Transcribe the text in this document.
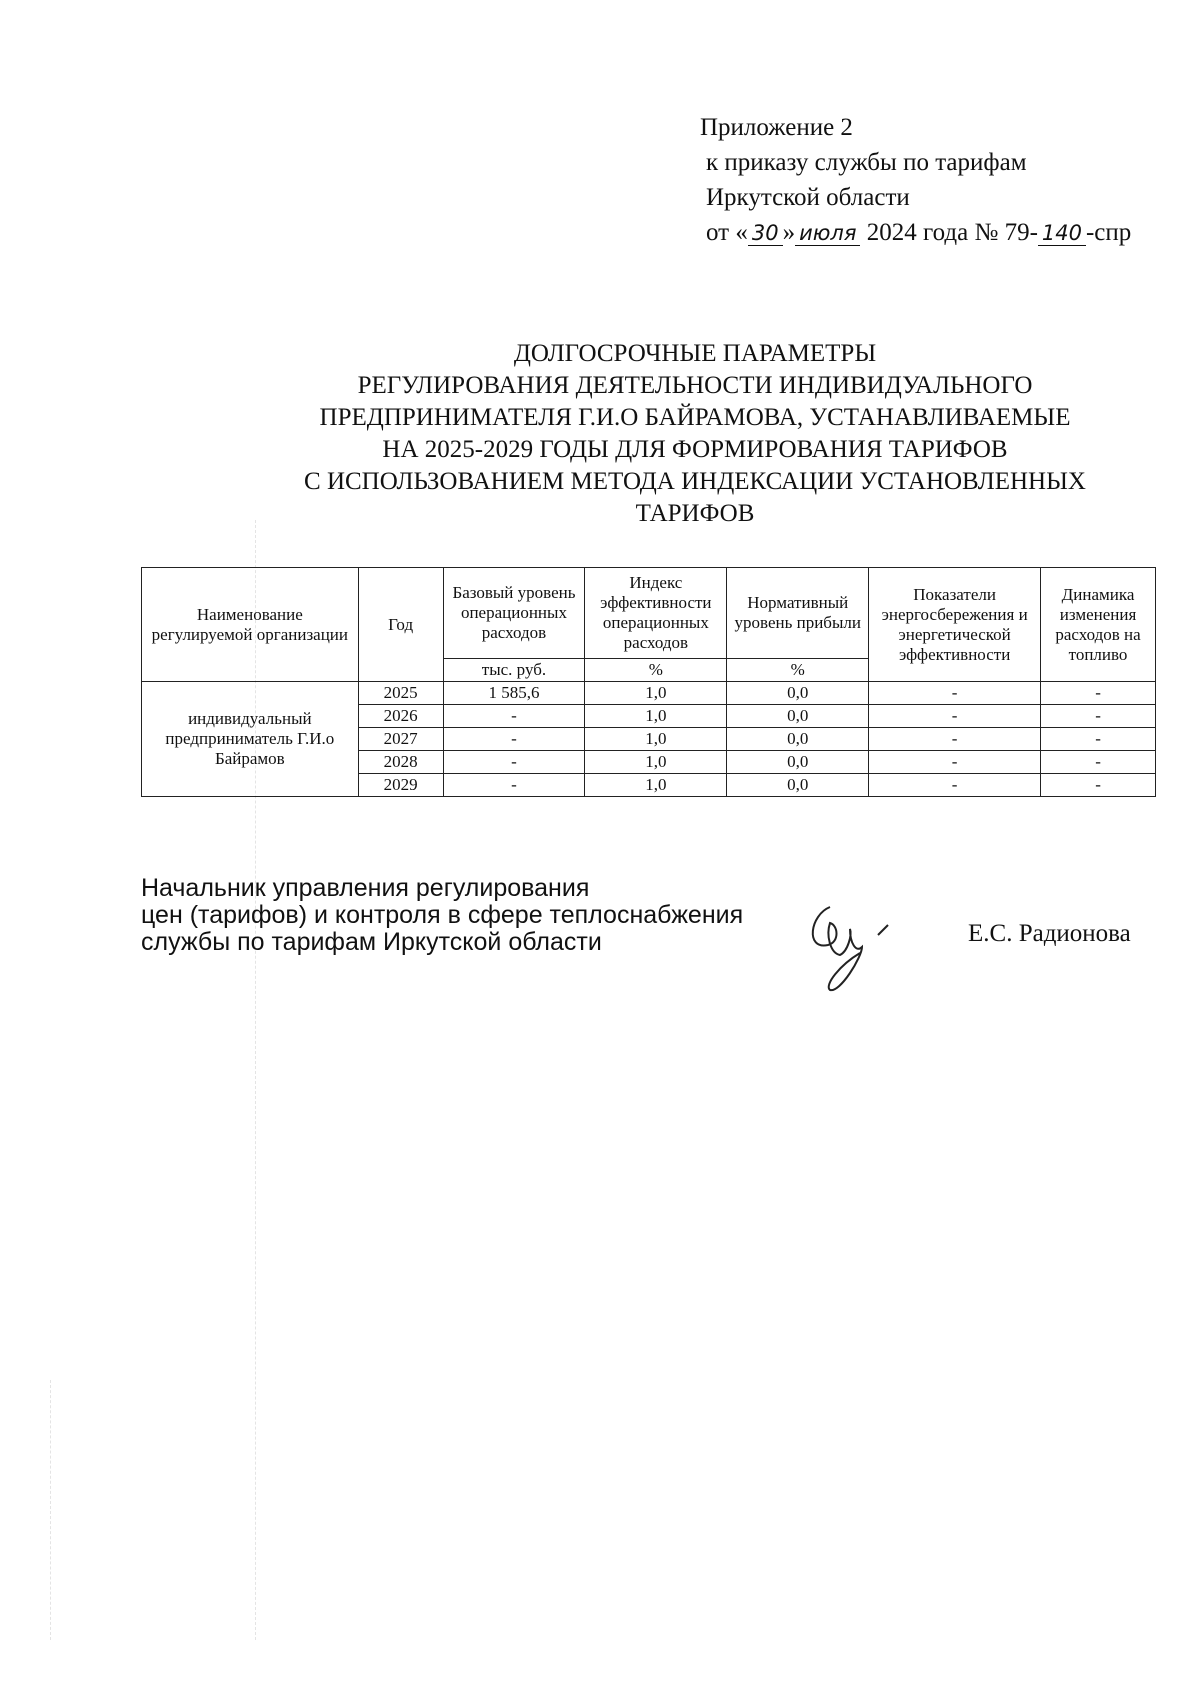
Приложение 2
к приказу службы по тарифам
Иркутской области
от « 30 » июля 2024 года № 79- 140 -спр
ДОЛГОСРОЧНЫЕ ПАРАМЕТРЫ
РЕГУЛИРОВАНИЯ ДЕЯТЕЛЬНОСТИ ИНДИВИДУАЛЬНОГО
ПРЕДПРИНИМАТЕЛЯ Г.И.О БАЙРАМОВА, УСТАНАВЛИВАЕМЫЕ
НА 2025-2029 ГОДЫ ДЛЯ ФОРМИРОВАНИЯ ТАРИФОВ
С ИСПОЛЬЗОВАНИЕМ МЕТОДА ИНДЕКСАЦИИ УСТАНОВЛЕННЫХ
ТАРИФОВ
Наименование регулируемой организации	Год	Базовый уровень операционных расходов	Индекс эффективности операционных расходов	Нормативный уровень прибыли	Показатели энергосбережения и энергетической эффективности	Динамика изменения расходов на топливо
		тыс. руб.	%	%		
индивидуальный предприниматель Г.И.о Байрамов	2025	1 585,6	1,0	0,0	-	-
	2026	-	1,0	0,0	-	-
	2027	-	1,0	0,0	-	-
	2028	-	1,0	0,0	-	-
	2029	-	1,0	0,0	-	-
Начальник управления регулирования
цен (тарифов) и контроля в сфере теплоснабжения
службы по тарифам Иркутской области	Е.С. Радионова
